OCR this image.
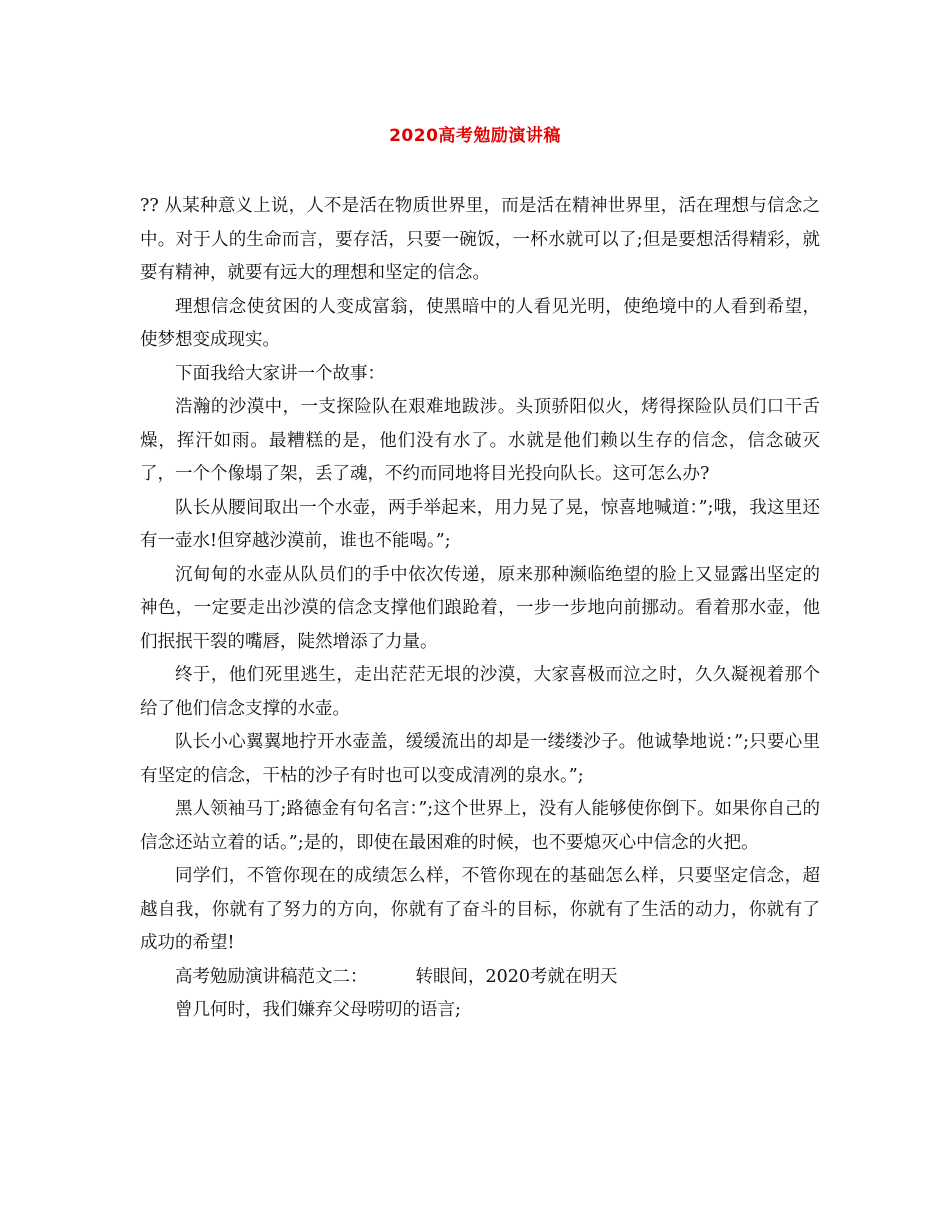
2020高考勉励演讲稿

?? 从某种意义上说，人不是活在物质世界里，而是活在精神世界里，活在理想与信念之中。对于人的生命而言，要存活，只要一碗饭，一杯水就可以了;但是要想活得精彩，就要有精神，就要有远大的理想和坚定的信念。

理想信念使贫困的人变成富翁，使黑暗中的人看见光明，使绝境中的人看到希望，使梦想变成现实。

下面我给大家讲一个故事：

浩瀚的沙漠中，一支探险队在艰难地跋涉。头顶骄阳似火，烤得探险队员们口干舌燥，挥汗如雨。最糟糕的是，他们没有水了。水就是他们赖以生存的信念，信念破灭了，一个个像塌了架，丢了魂，不约而同地将目光投向队长。这可怎么办?

队长从腰间取出一个水壶，两手举起来，用力晃了晃，惊喜地喊道：”;哦，我这里还有一壶水!但穿越沙漠前，谁也不能喝。”;

沉甸甸的水壶从队员们的手中依次传递，原来那种濒临绝望的脸上又显露出坚定的神色，一定要走出沙漠的信念支撑他们踉跄着，一步一步地向前挪动。看着那水壶，他们抿抿干裂的嘴唇，陡然增添了力量。

终于，他们死里逃生，走出茫茫无垠的沙漠，大家喜极而泣之时，久久凝视着那个给了他们信念支撑的水壶。

队长小心翼翼地拧开水壶盖，缓缓流出的却是一缕缕沙子。他诚挚地说：”;只要心里有坚定的信念，干枯的沙子有时也可以变成清冽的泉水。”;

黑人领袖马丁;路德金有句名言：”;这个世界上，没有人能够使你倒下。如果你自己的信念还站立着的话。”;是的，即使在最困难的时候，也不要熄灭心中信念的火把。

同学们，不管你现在的成绩怎么样，不管你现在的基础怎么样，只要坚定信念，超越自我，你就有了努力的方向，你就有了奋斗的目标，你就有了生活的动力，你就有了成功的希望!

高考勉励演讲稿范文二：	转眼间，2020考就在明天

曾几何时，我们嫌弃父母唠叨的语言;
